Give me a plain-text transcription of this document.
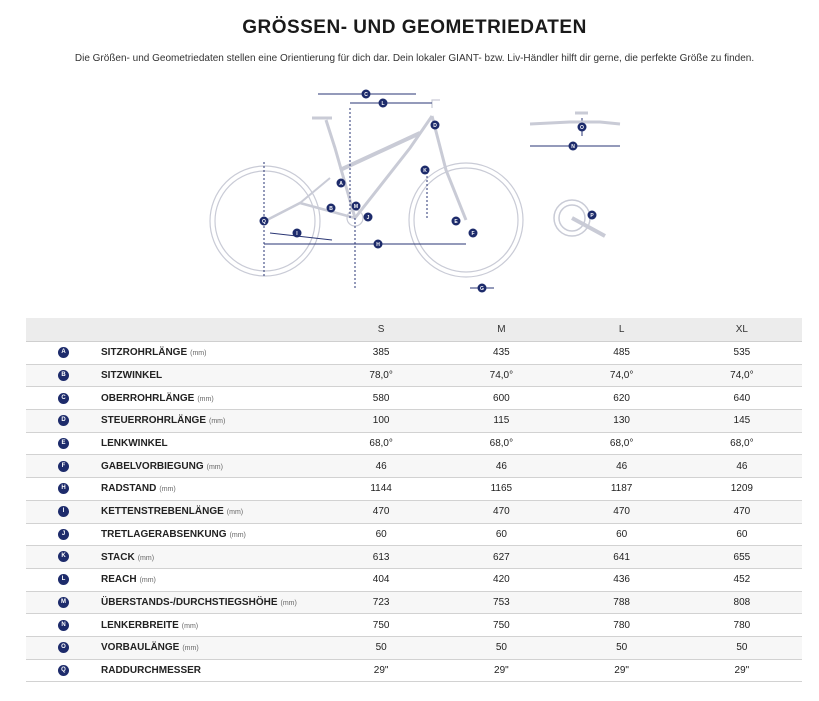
GRÖSSEN- UND GEOMETRIEDATEN
Die Größen- und Geometriedaten stellen eine Orientierung für dich dar. Dein lokaler GIANT- bzw. Liv-Händler hilft dir gerne, die perfekte Größe zu finden.
A
B
C
D
E
F
G
H
I
J
K
L
M
N
O
P
Q
		S	M	L	XL
A	SITZROHRLÄNGE (mm)	385	435	485	535
B	SITZWINKEL	78,0°	74,0°	74,0°	74,0°
C	OBERROHRLÄNGE (mm)	580	600	620	640
D	STEUERROHRLÄNGE (mm)	100	115	130	145
E	LENKWINKEL	68,0°	68,0°	68,0°	68,0°
F	GABELVORBIEGUNG (mm)	46	46	46	46
H	RADSTAND (mm)	1144	1165	1187	1209
I	KETTENSTREBENLÄNGE (mm)	470	470	470	470
J	TRETLAGERABSENKUNG (mm)	60	60	60	60
K	STACK (mm)	613	627	641	655
L	REACH (mm)	404	420	436	452
M	ÜBERSTANDS-/DURCHSTIEGSHÖHE (mm)	723	753	788	808
N	LENKERBREITE (mm)	750	750	780	780
O	VORBAULÄNGE (mm)	50	50	50	50
Q	RADDURCHMESSER	29"	29"	29"	29"
